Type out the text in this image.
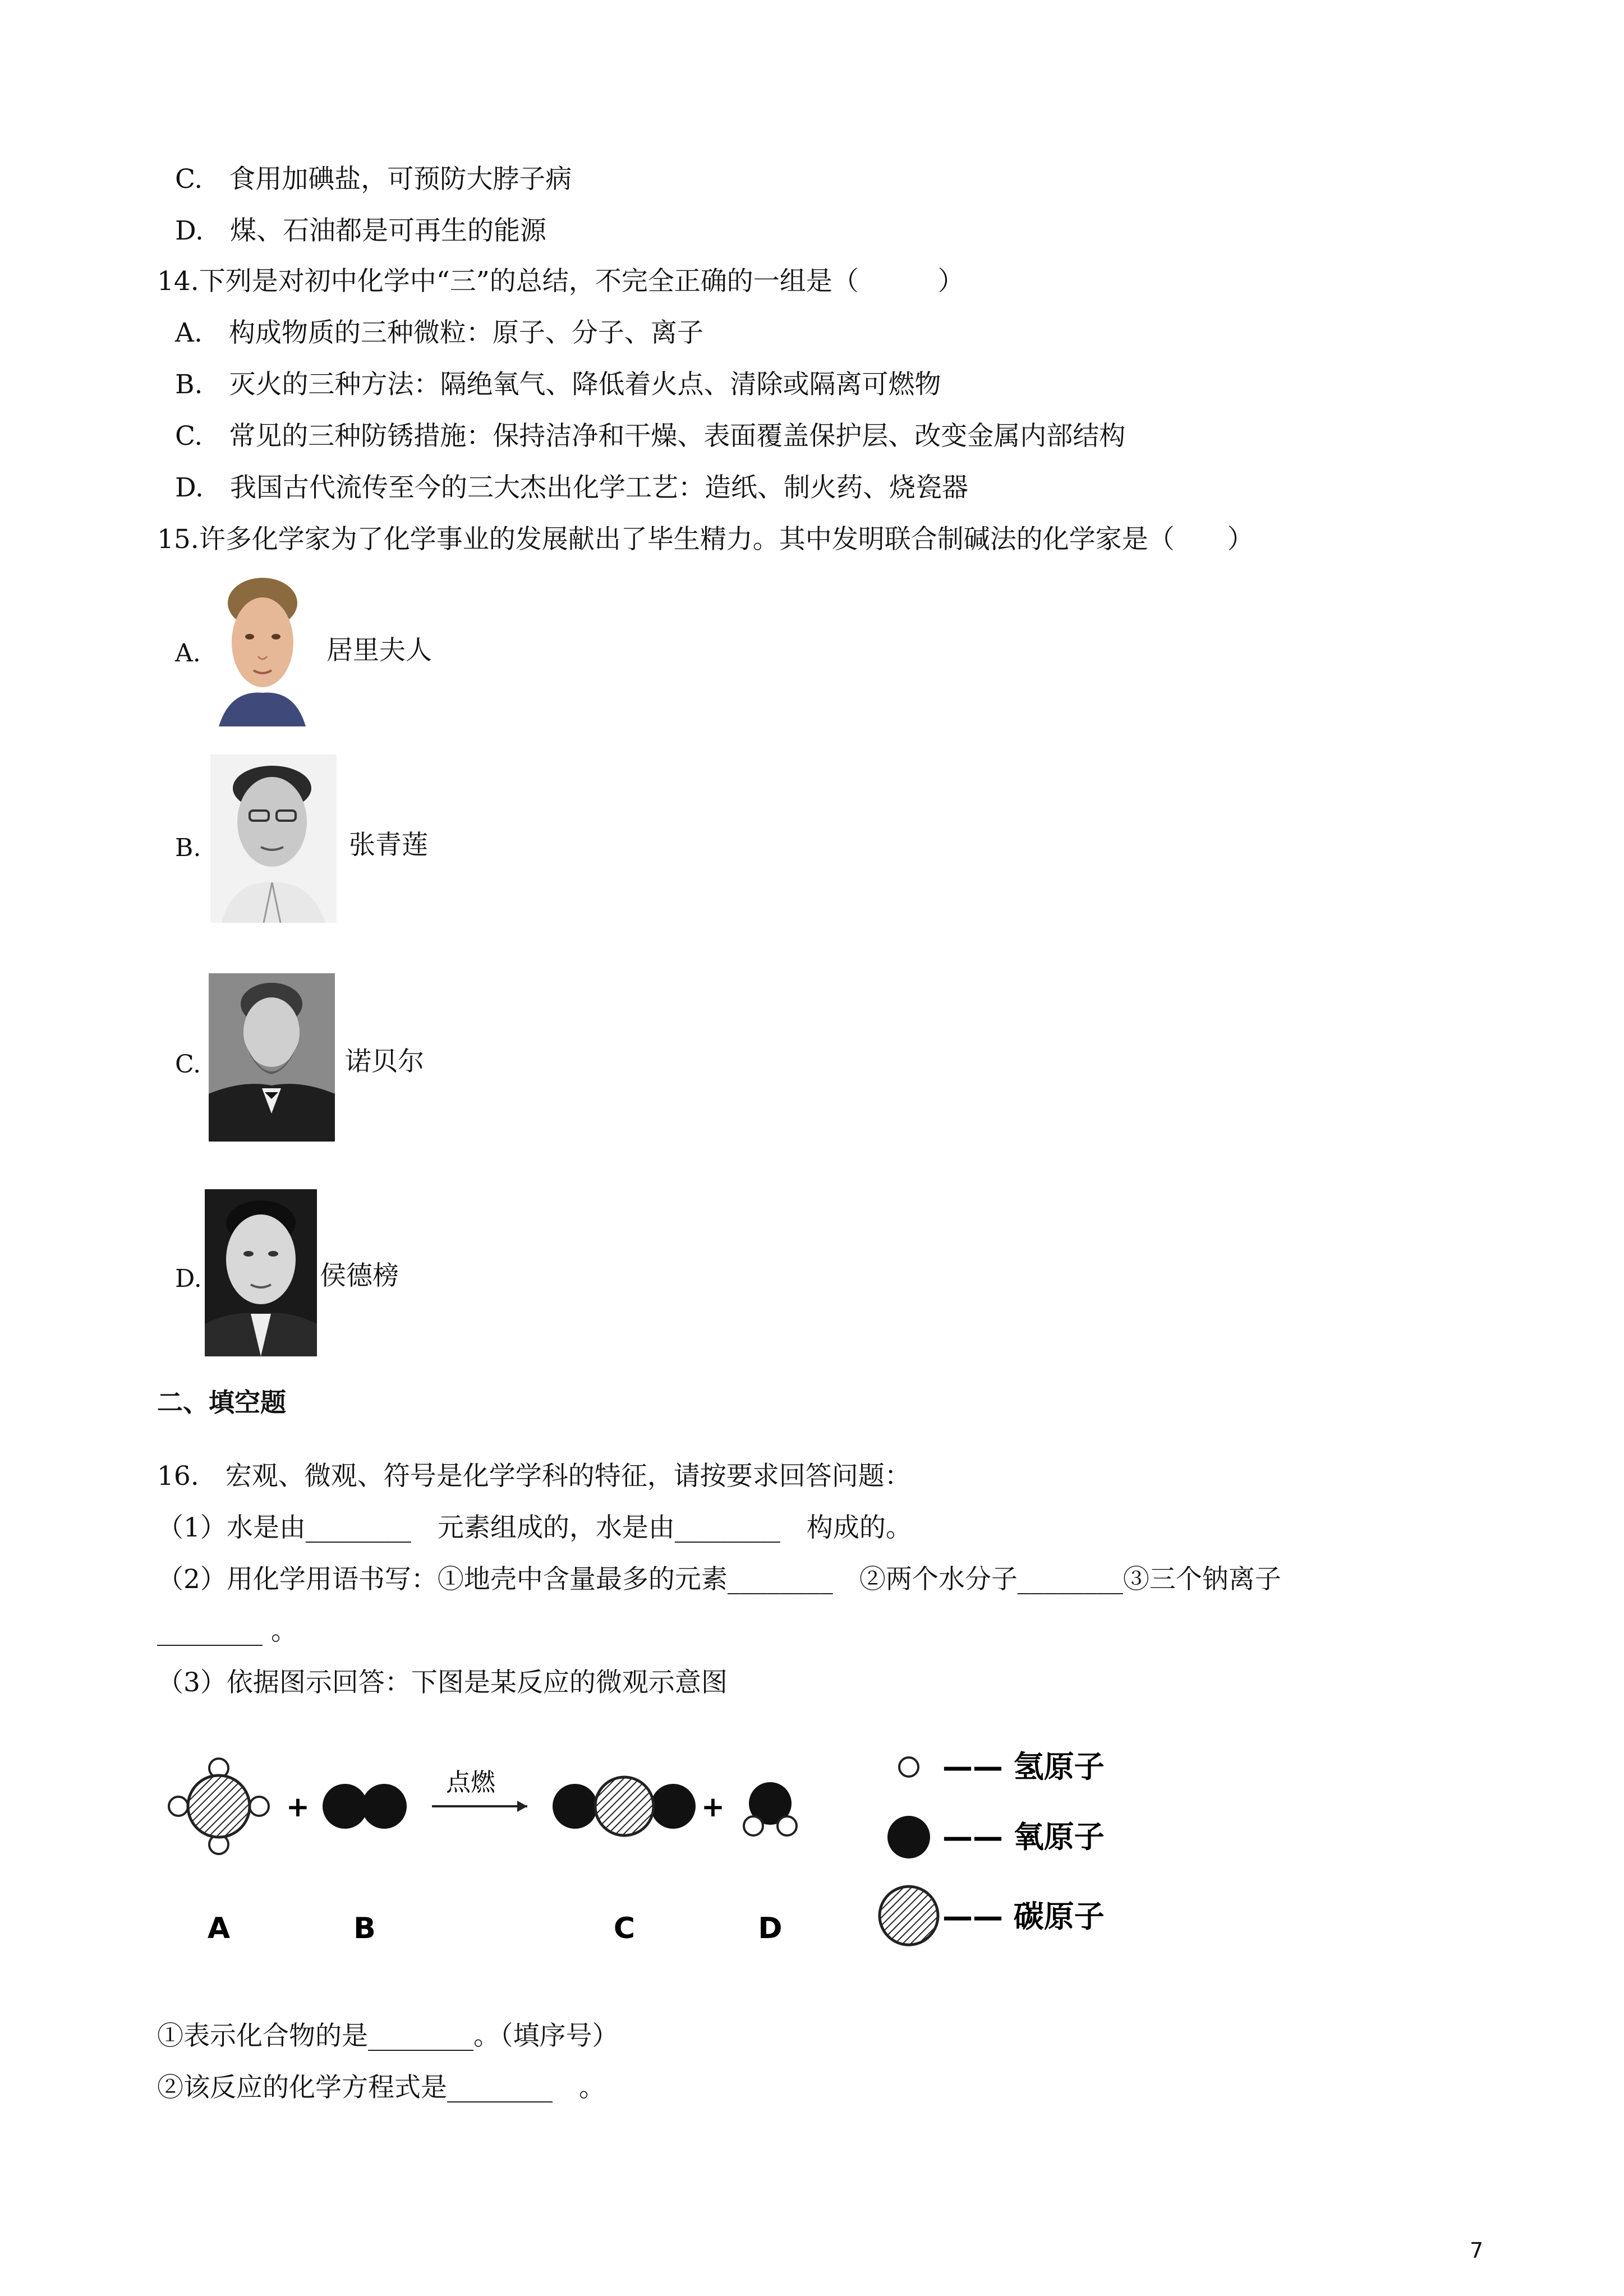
C.　食用加碘盐，可预防大脖子病
D.　煤、石油都是可再生的能源
14.下列是对初中化学中“三”的总结，不完全正确的一组是（　　　）
A.　构成物质的三种微粒：原子、分子、离子
B.　灭火的三种方法：隔绝氧气、降低着火点、清除或隔离可燃物
C.　常见的三种防锈措施：保持洁净和干燥、表面覆盖保护层、改变金属内部结构
D.　我国古代流传至今的三大杰出化学工艺：造纸、制火药、烧瓷器
15.许多化学家为了化学事业的发展献出了毕生精力。其中发明联合制碱法的化学家是（　　）
A.	居里夫人
B.	张青莲
C.	诺贝尔
D.	侯德榜
二、填空题
16.　宏观、微观、符号是化学学科的特征，请按要求回答问题：
（1）水是由________　元素组成的，水是由________　构成的。
（2）用化学用语书写：①地壳中含量最多的元素________　②两个水分子________③三个钠离子
________ 。
（3）依据图示回答：下图是某反应的微观示意图
+
点燃
+
A	B	C	D
—— 氢原子
—— 氧原子
—— 碳原子
①表示化合物的是________。（填序号）
②该反应的化学方程式是________　。
7
